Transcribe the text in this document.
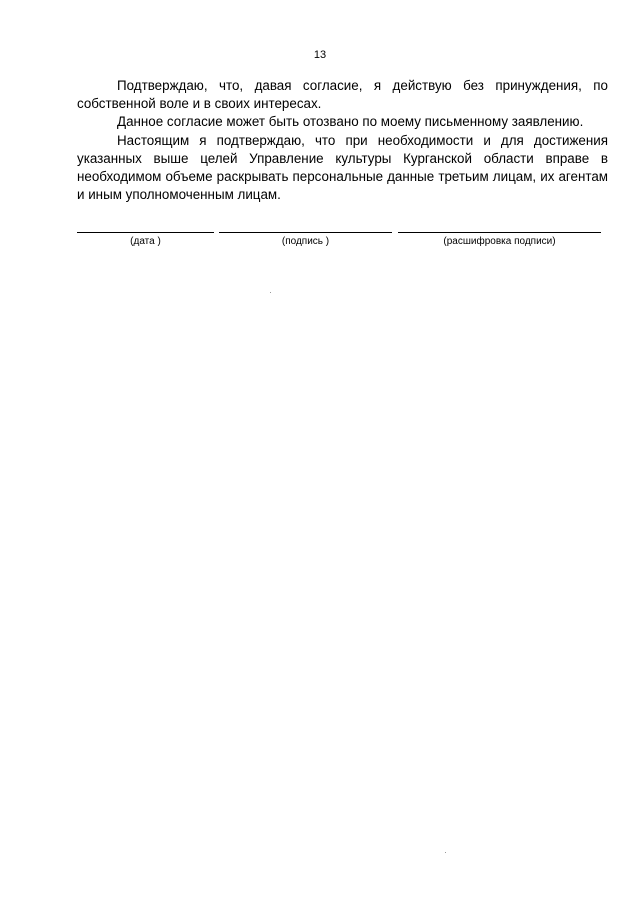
13

Подтверждаю, что, давая согласие, я действую без принуждения, по собственной воле и в своих интересах.

Данное согласие может быть отозвано по моему письменному заявлению.

Настоящим я подтверждаю, что при необходимости и для достижения указанных выше целей Управление культуры Курганской области вправе в необходимом объеме раскрывать персональные данные третьим лицам, их агентам и иным уполномоченным лицам.

(дата )	(подпись )	(расшифровка подписи)
